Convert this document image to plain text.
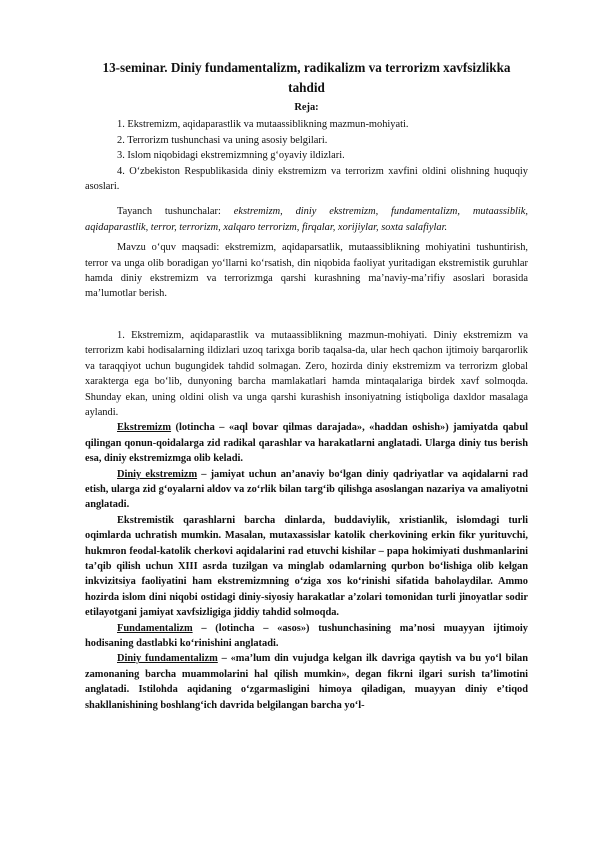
13-seminar. Diniy fundamentalizm, radikalizm va terrorizm xavfsizlikka tahdid
Reja:
1. Ekstremizm, aqidaparastlik va mutaassiblikning mazmun-mohiyati.
2. Terrorizm tushunchasi va uning asosiy belgilari.
3. Islom niqobidagi ekstremizmning g‘oyaviy ildizlari.
4. O‘zbekiston Respublikasida diniy ekstremizm va terrorizm xavfini oldini olishning huquqiy asoslari.

Tayanch tushunchalar: ekstremizm, diniy ekstremizm, fundamentalizm, mutaassiblik, aqidaparastlik, terror, terrorizm, xalqaro terrorizm, firqalar, xorijiylar, soxta salafiylar.

Mavzu o‘quv maqsadi: ekstremizm, aqidaparsatlik, mutaassiblikning mohiyatini tushuntirish, terror va unga olib boradigan yo‘llarni ko‘rsatish, din niqobida faoliyat yuritadigan ekstremistik guruhlar hamda diniy ekstremizm va terrorizmga qarshi kurashning ma’naviy-ma’rifiy asoslari borasida ma’lumotlar berish.

1. Ekstremizm, aqidaparastlik va mutaassiblikning mazmun-mohiyati. Diniy ekstremizm va terrorizm kabi hodisalarning ildizlari uzoq tarixga borib taqalsa-da, ular hech qachon ijtimoiy barqarorlik va taraqqiyot uchun bugungidek tahdid solmagan. Zero, hozirda diniy ekstremizm va terrorizm global xarakterga ega bo‘lib, dunyoning barcha mamlakatlari hamda mintaqalariga birdek xavf solmoqda. Shunday ekan, uning oldini olish va unga qarshi kurashish insoniyatning istiqboliga daxldor masalaga aylandi.

Ekstremizm (lotincha – «aql bovar qilmas darajada», «haddan oshish») jamiyatda qabul qilingan qonun-qoidalarga zid radikal qarashlar va harakatlarni anglatadi. Ularga diniy tus berish esa, diniy ekstremizmga olib keladi.

Diniy ekstremizm – jamiyat uchun an’anaviy bo‘lgan diniy qadriyatlar va aqidalarni rad etish, ularga zid g‘oyalarni aldov va zo‘rlik bilan targ‘ib qilishga asoslangan nazariya va amaliyotni anglatadi.

Ekstremistik qarashlarni barcha dinlarda, buddaviylik, xristianlik, islomdagi turli oqimlarda uchratish mumkin. Masalan, mutaxassislar katolik cherkovining erkin fikr yurituvchi, hukmron feodal-katolik cherkovi aqidalarini rad etuvchi kishilar – papa hokimiyati dushmanlarini ta’qib qilish uchun XIII asrda tuzilgan va minglab odamlarning qurbon bo‘lishiga olib kelgan inkvizitsiya faoliyatini ham ekstremizmning o‘ziga xos ko‘rinishi sifatida baholaydilar. Ammo hozirda islom dini niqobi ostidagi diniy-siyosiy harakatlar a’zolari tomonidan turli jinoyatlar sodir etilayotgani jamiyat xavfsizligiga jiddiy tahdid solmoqda.

Fundamentalizm – (lotincha – «asos») tushunchasining ma’nosi muayyan ijtimoiy hodisaning dastlabki ko‘rinishini anglatadi.

Diniy fundamentalizm – «ma’lum din vujudga kelgan ilk davriga qaytish va bu yo‘l bilan zamonaning barcha muammolarini hal qilish mumkin», degan fikrni ilgari surish ta’limotini anglatadi. Istilohda aqidaning o‘zgarmasligini himoya qiladigan, muayyan diniy e’tiqod shakllanishining boshlang‘ich davrida belgilangan barcha yo‘l-
